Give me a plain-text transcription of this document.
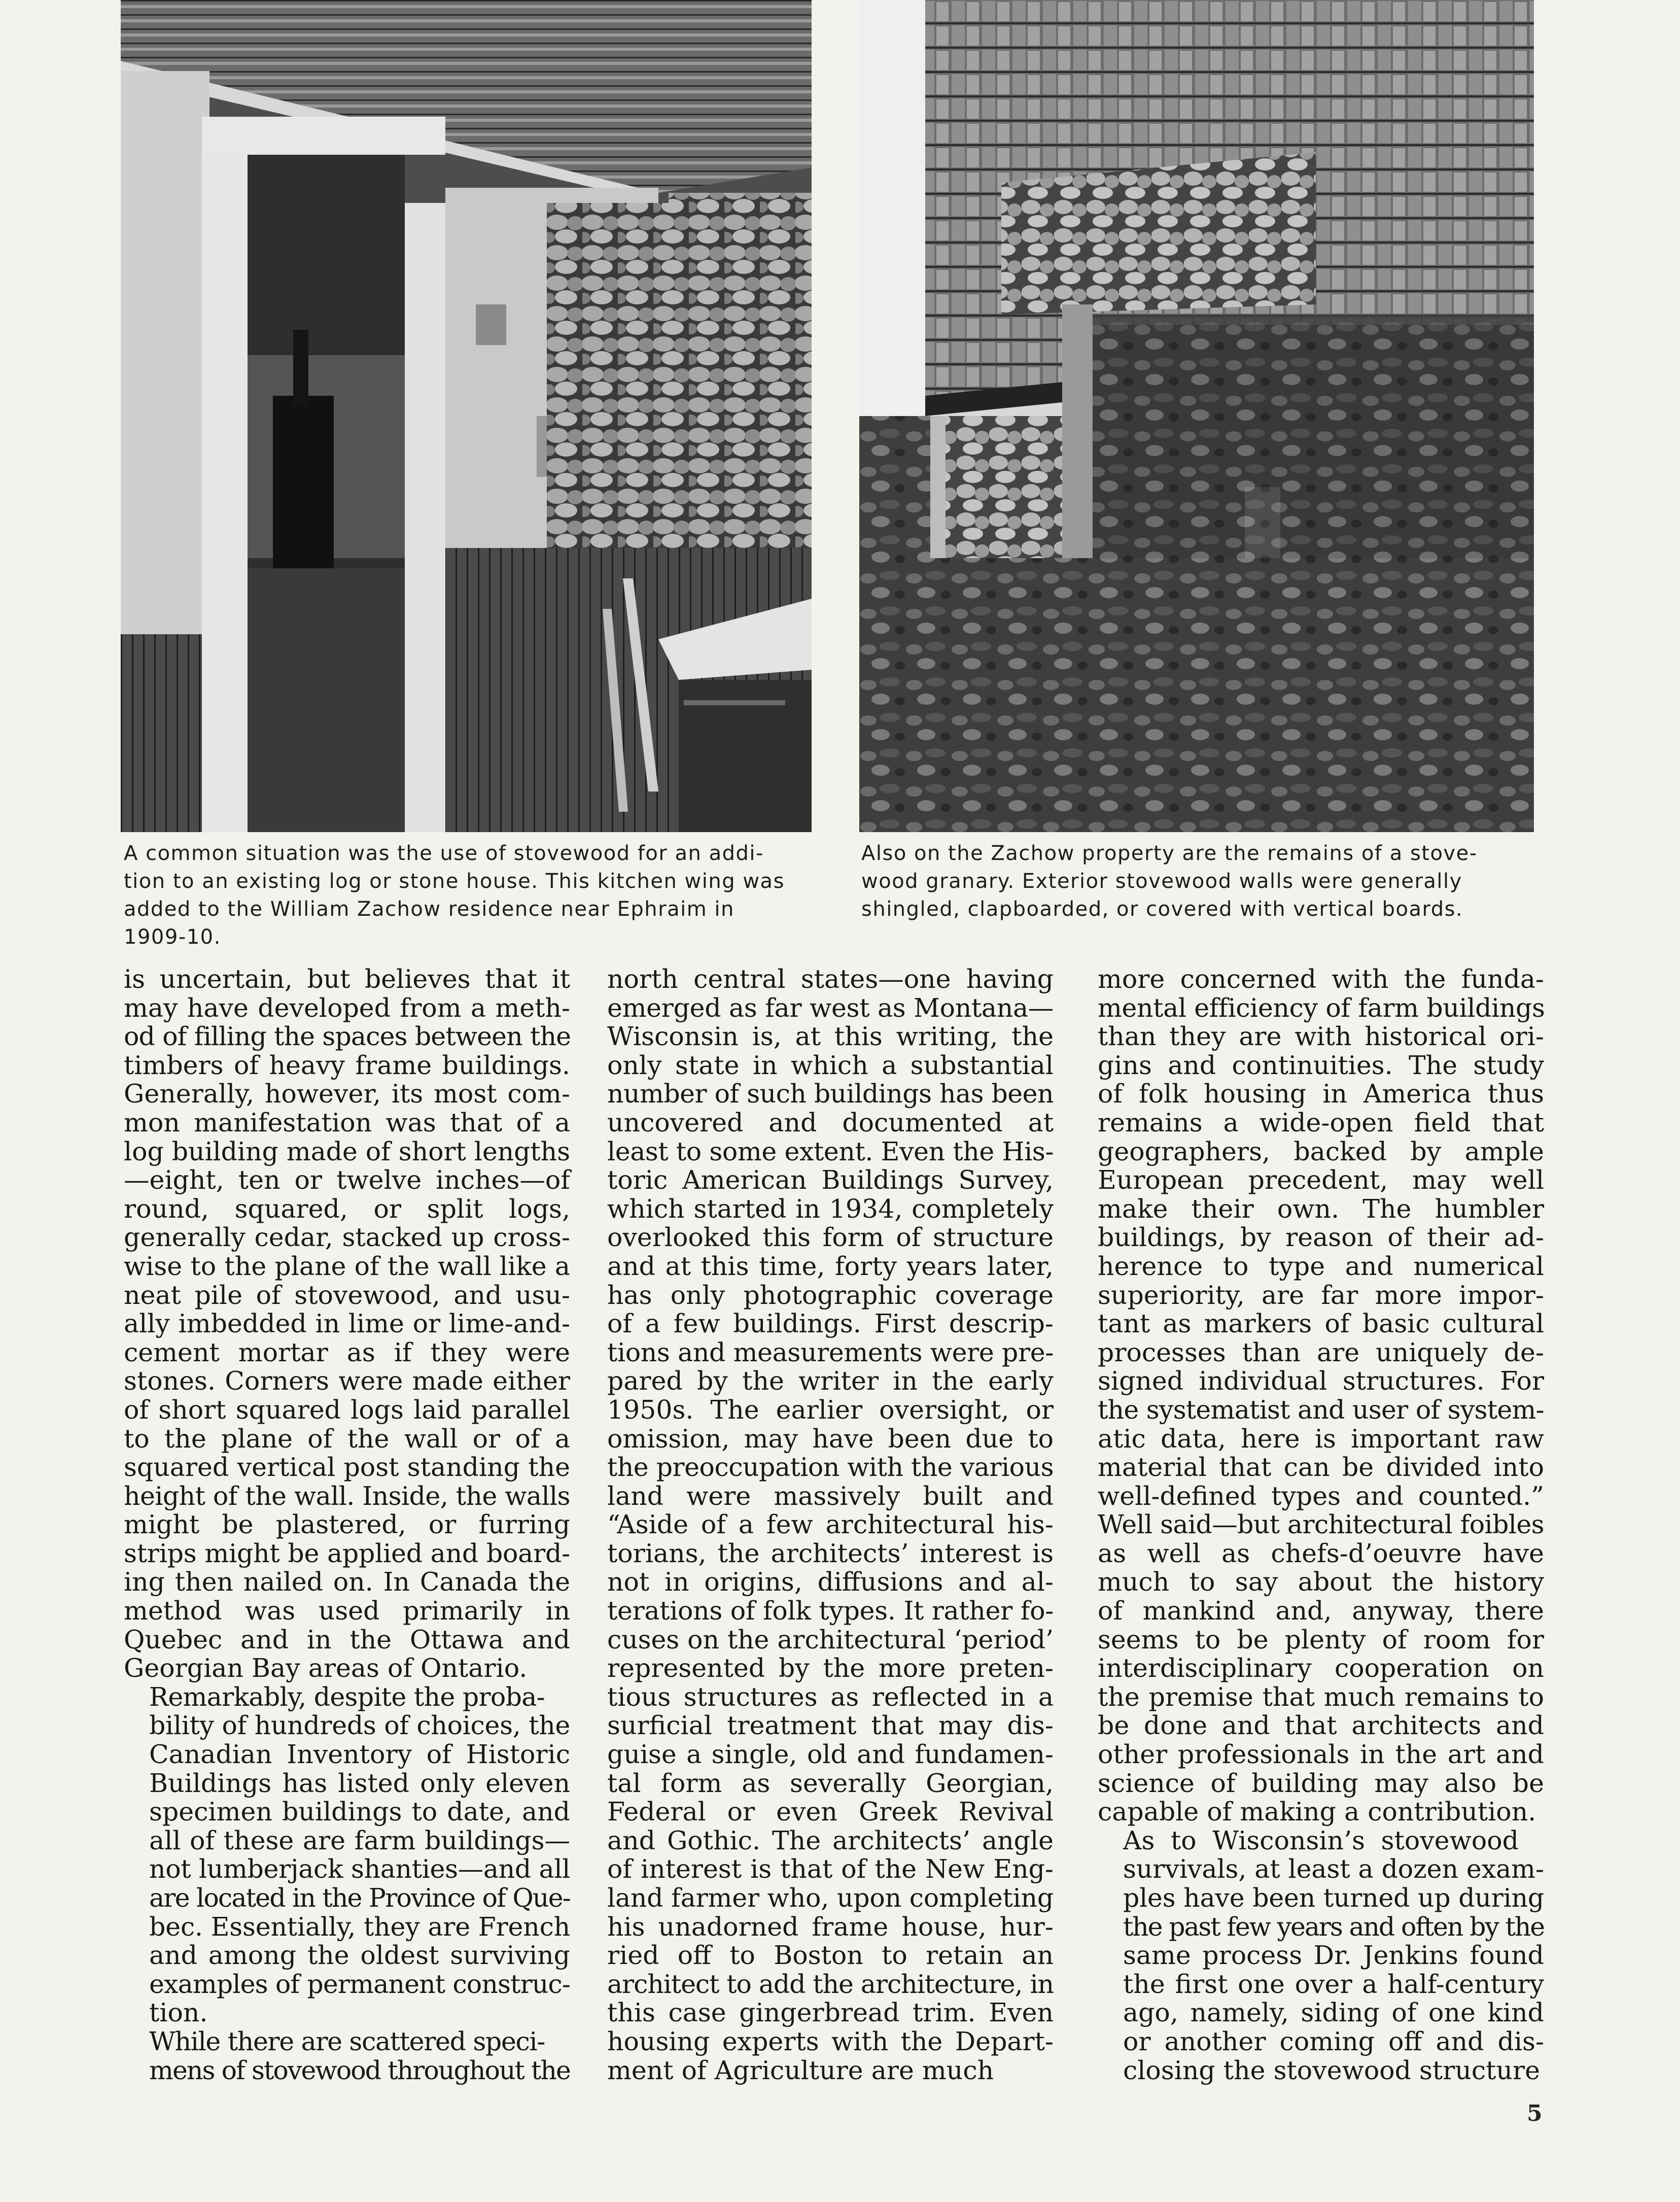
A common situation was the use of stovewood for an addi-
tion to an existing log or stone house. This kitchen wing was
added to the William Zachow residence near Ephraim in
1909-10.
Also on the Zachow property are the remains of a stove-
wood granary. Exterior stovewood walls were generally
shingled, clapboarded, or covered with vertical boards.

is uncertain, but believes that it
may have developed from a meth-
od of filling the spaces between the
timbers of heavy frame buildings.
Generally, however, its most com-
mon manifestation was that of a
log building made of short lengths
—eight, ten or twelve inches—of
round, squared, or split logs,
generally cedar, stacked up cross-
wise to the plane of the wall like a
neat pile of stovewood, and usu-
ally imbedded in lime or lime-and-
cement mortar as if they were
stones. Corners were made either
of short squared logs laid parallel
to the plane of the wall or of a
squared vertical post standing the
height of the wall. Inside, the walls
might be plastered, or furring
strips might be applied and board-
ing then nailed on. In Canada the
method was used primarily in
Quebec and in the Ottawa and
Georgian Bay areas of Ontario.

Remarkably, despite the proba-
bility of hundreds of choices, the
Canadian Inventory of Historic
Buildings has listed only eleven
specimen buildings to date, and
all of these are farm buildings—
not lumberjack shanties—and all
are located in the Province of Que-
bec. Essentially, they are French
and among the oldest surviving
examples of permanent construc-
tion.

While there are scattered speci-
mens of stovewood throughout the

north central states—one having
emerged as far west as Montana—
Wisconsin is, at this writing, the
only state in which a substantial
number of such buildings has been
uncovered and documented at
least to some extent. Even the His-
toric American Buildings Survey,
which started in 1934, completely
overlooked this form of structure
and at this time, forty years later,
has only photographic coverage
of a few buildings. First descrip-
tions and measurements were pre-
pared by the writer in the early
1950s. The earlier oversight, or
omission, may have been due to
the preoccupation with the various
land were massively built and
“Aside of a few architectural his-
torians, the architects’ interest is
not in origins, diffusions and al-
terations of folk types. It rather fo-
cuses on the architectural ‘period’
represented by the more preten-
tious structures as reflected in a
surficial treatment that may dis-
guise a single, old and fundamen-
tal form as severally Georgian,
Federal or even Greek Revival
and Gothic. The architects’ angle
of interest is that of the New Eng-
land farmer who, upon completing
his unadorned frame house, hur-
ried off to Boston to retain an
architect to add the architecture, in
this case gingerbread trim. Even
housing experts with the Depart-
ment of Agriculture are much

more concerned with the funda-
mental efficiency of farm buildings
than they are with historical ori-
gins and continuities. The study
of folk housing in America thus
remains a wide-open field that
geographers, backed by ample
European precedent, may well
make their own. The humbler
buildings, by reason of their ad-
herence to type and numerical
superiority, are far more impor-
tant as markers of basic cultural
processes than are uniquely de-
signed individual structures. For
the systematist and user of system-
atic data, here is important raw
material that can be divided into
well-defined types and counted.”
Well said—but architectural foibles
as well as chefs-d’oeuvre have
much to say about the history
of mankind and, anyway, there
seems to be plenty of room for
interdisciplinary cooperation on
the premise that much remains to
be done and that architects and
other professionals in the art and
science of building may also be
capable of making a contribution.

As to Wisconsin’s stovewood
survivals, at least a dozen exam-
ples have been turned up during
the past few years and often by the
same process Dr. Jenkins found
the first one over a half-century
ago, namely, siding of one kind
or another coming off and dis-
closing the stovewood structure

5
